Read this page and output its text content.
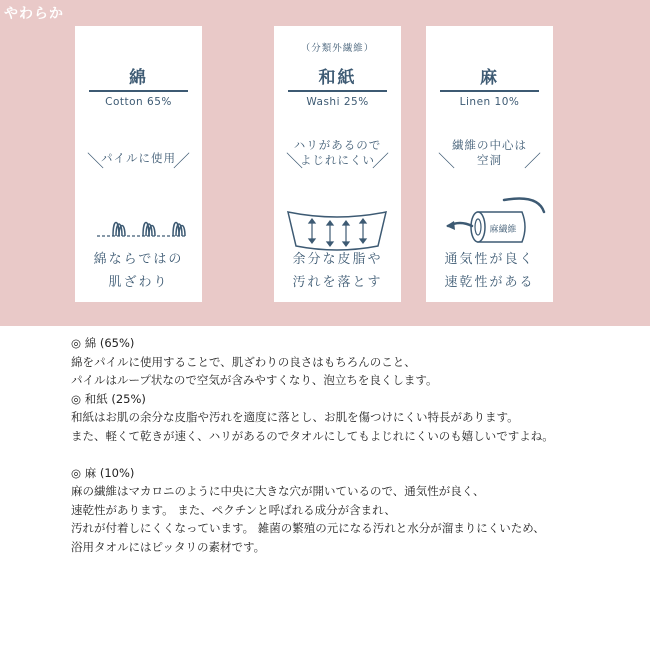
やわらか
綿
Cotton 65%
＼
パイルに使用
／
綿ならではの
肌ざわり
（分類外繊維）
和紙
Washi 25%
＼
ハリがあるので
よじれにくい
／
余分な皮脂や
汚れを落とす
麻
Linen 10%
＼
繊維の中心は
空洞	／
麻繊維
通気性が良く
速乾性がある

◎ 綿 (65%)

綿をパイルに使用することで、肌ざわりの良さはもちろんのこと、

パイルはループ状なので空気が含みやすくなり、泡立ちを良くします。

◎ 和紙 (25%)

和紙はお肌の余分な皮脂や汚れを適度に落とし、お肌を傷つけにくい特長があります。

また、軽くて乾きが速く、ハリがあるのでタオルにしてもよじれにくいのも嬉しいですよね。

◎ 麻 (10%)

麻の繊維はマカロニのように中央に大きな穴が開いているので、通気性が良く、

速乾性があります。 また、ペクチンと呼ばれる成分が含まれ、

汚れが付着しにくくなっています。 雑菌の繁殖の元になる汚れと水分が溜まりにくいため、

浴用タオルにはピッタリの素材です。
